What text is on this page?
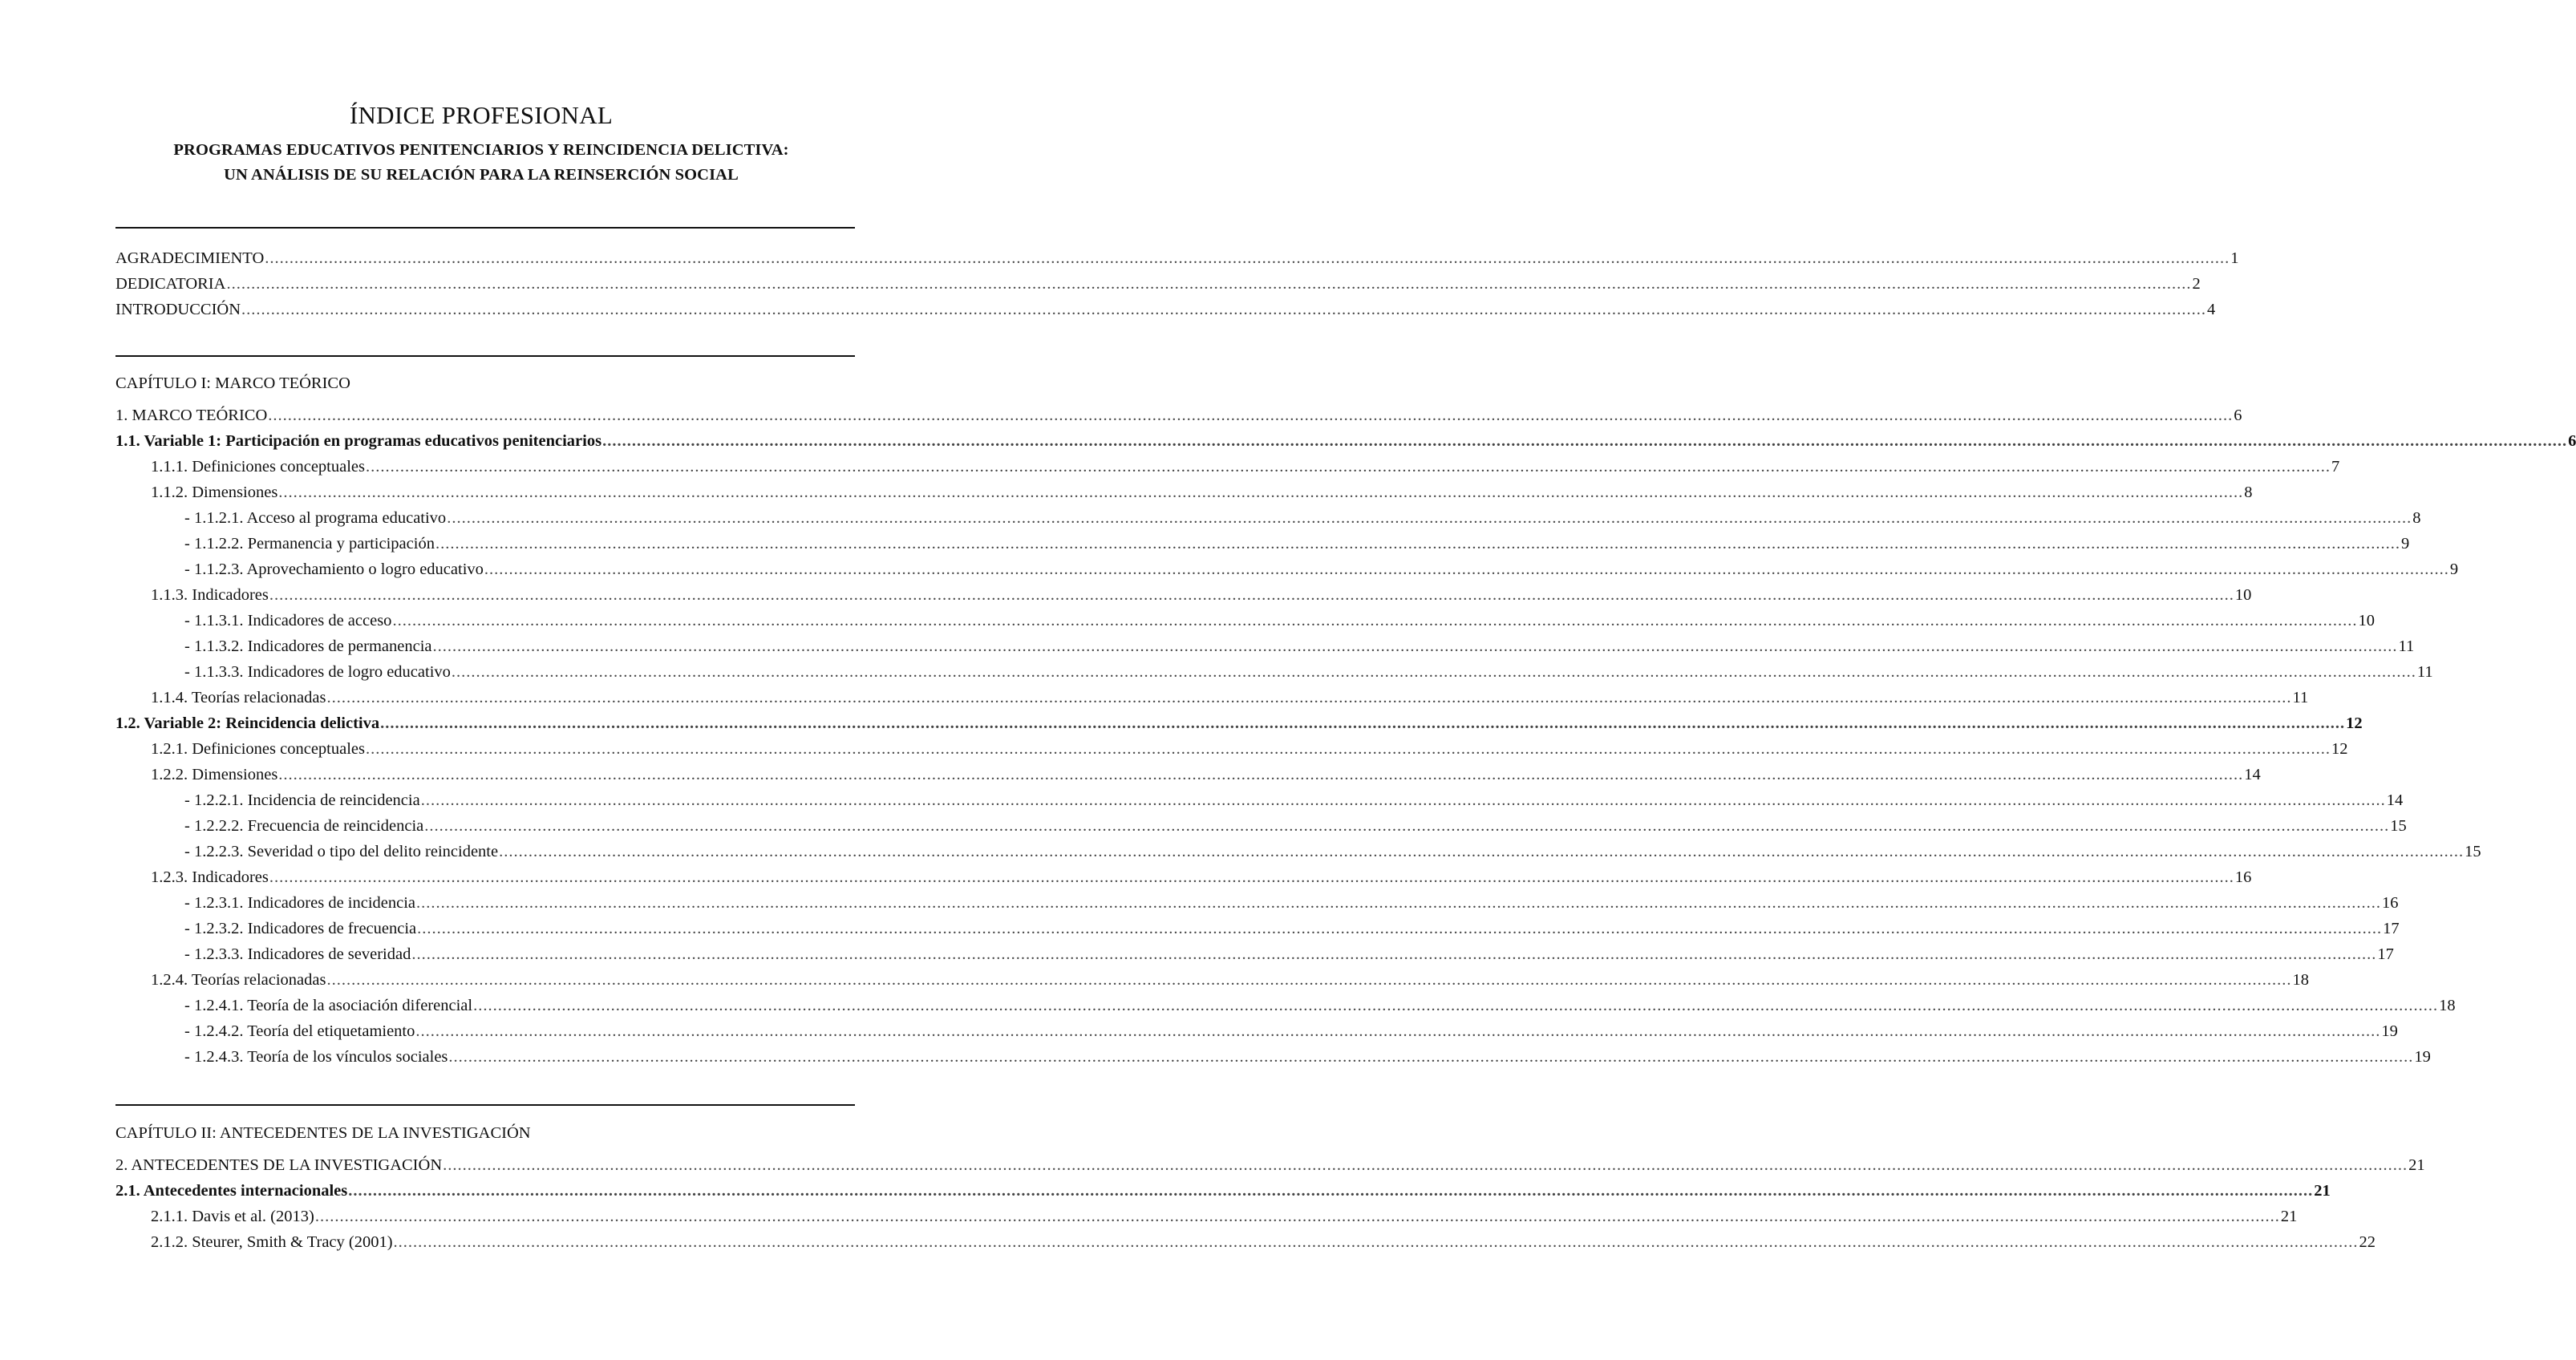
ÍNDICE PROFESIONAL
PROGRAMAS EDUCATIVOS PENITENCIARIOS Y REINCIDENCIA DELICTIVA:
UN ANÁLISIS DE SU RELACIÓN PARA LA REINSERCIÓN SOCIAL
AGRADECIMIENTO ................................................................................................................................................................................................................................................................................................................................................................................................................ 1
DEDICATORIA ................................................................................................................................................................................................................................................................................................................................................................................................................ 2
INTRODUCCIÓN ................................................................................................................................................................................................................................................................................................................................................................................................................ 4
CAPÍTULO I: MARCO TEÓRICO
1. MARCO TEÓRICO ................................................................................................................................................................................................................................................................................................................................................................................................................ 6
1.1. Variable 1: Participación en programas educativos penitenciarios ................................................................................................................................................................................................................................................................................................................................................................................................................ 6
1.1.1. Definiciones conceptuales ................................................................................................................................................................................................................................................................................................................................................................................................................ 7
1.1.2. Dimensiones ................................................................................................................................................................................................................................................................................................................................................................................................................ 8
- 1.1.2.1. Acceso al programa educativo ................................................................................................................................................................................................................................................................................................................................................................................................................ 8
- 1.1.2.2. Permanencia y participación ................................................................................................................................................................................................................................................................................................................................................................................................................ 9
- 1.1.2.3. Aprovechamiento o logro educativo ................................................................................................................................................................................................................................................................................................................................................................................................................ 9
1.1.3. Indicadores ................................................................................................................................................................................................................................................................................................................................................................................................................ 10
- 1.1.3.1. Indicadores de acceso ................................................................................................................................................................................................................................................................................................................................................................................................................ 10
- 1.1.3.2. Indicadores de permanencia ................................................................................................................................................................................................................................................................................................................................................................................................................ 11
- 1.1.3.3. Indicadores de logro educativo ................................................................................................................................................................................................................................................................................................................................................................................................................ 11
1.1.4. Teorías relacionadas ................................................................................................................................................................................................................................................................................................................................................................................................................ 11
1.2. Variable 2: Reincidencia delictiva ................................................................................................................................................................................................................................................................................................................................................................................................................ 12
1.2.1. Definiciones conceptuales ................................................................................................................................................................................................................................................................................................................................................................................................................ 12
1.2.2. Dimensiones ................................................................................................................................................................................................................................................................................................................................................................................................................ 14
- 1.2.2.1. Incidencia de reincidencia ................................................................................................................................................................................................................................................................................................................................................................................................................ 14
- 1.2.2.2. Frecuencia de reincidencia ................................................................................................................................................................................................................................................................................................................................................................................................................ 15
- 1.2.2.3. Severidad o tipo del delito reincidente ................................................................................................................................................................................................................................................................................................................................................................................................................ 15
1.2.3. Indicadores ................................................................................................................................................................................................................................................................................................................................................................................................................ 16
- 1.2.3.1. Indicadores de incidencia ................................................................................................................................................................................................................................................................................................................................................................................................................ 16
- 1.2.3.2. Indicadores de frecuencia ................................................................................................................................................................................................................................................................................................................................................................................................................ 17
- 1.2.3.3. Indicadores de severidad ................................................................................................................................................................................................................................................................................................................................................................................................................ 17
1.2.4. Teorías relacionadas ................................................................................................................................................................................................................................................................................................................................................................................................................ 18
- 1.2.4.1. Teoría de la asociación diferencial ................................................................................................................................................................................................................................................................................................................................................................................................................ 18
- 1.2.4.2. Teoría del etiquetamiento ................................................................................................................................................................................................................................................................................................................................................................................................................ 19
- 1.2.4.3. Teoría de los vínculos sociales ................................................................................................................................................................................................................................................................................................................................................................................................................ 19
CAPÍTULO II: ANTECEDENTES DE LA INVESTIGACIÓN
2. ANTECEDENTES DE LA INVESTIGACIÓN ................................................................................................................................................................................................................................................................................................................................................................................................................ 21
2.1. Antecedentes internacionales ................................................................................................................................................................................................................................................................................................................................................................................................................ 21
2.1.1. Davis et al. (2013) ................................................................................................................................................................................................................................................................................................................................................................................................................ 21
2.1.2. Steurer, Smith & Tracy (2001) ................................................................................................................................................................................................................................................................................................................................................................................................................ 22
